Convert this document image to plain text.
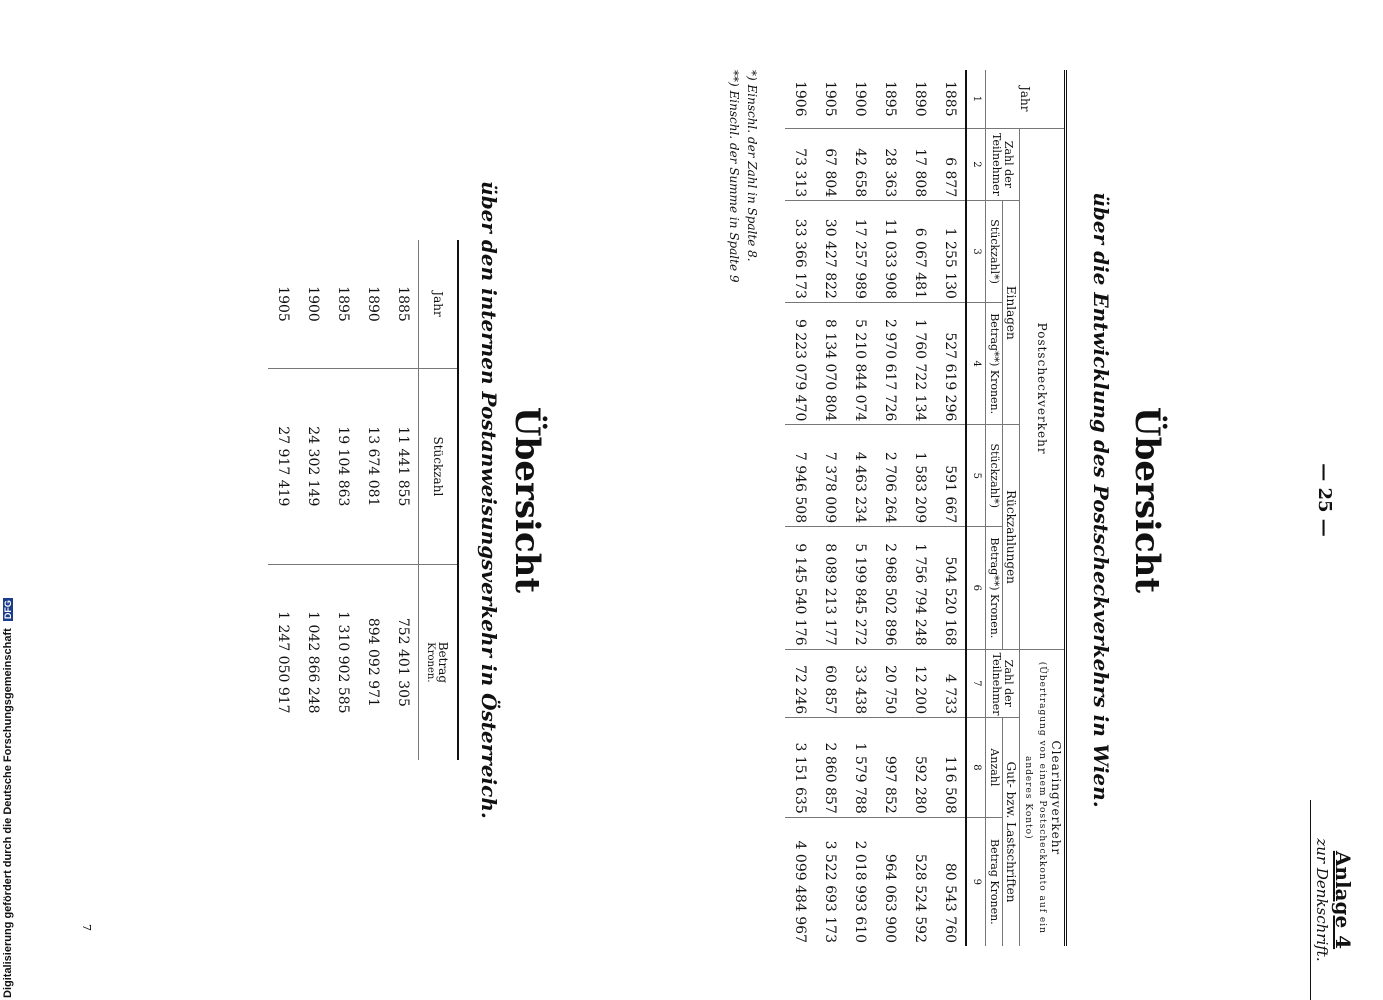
— 25 —
Anlage 4
zur Denkschrift.
Übersicht
über die Entwicklung des Postscheckverkehrs in Wien.
Jahr	Postscheckverkehr					Clearingverkehr
(Übertragung von einem Postscheckkonto auf ein anderes Konto)		
	Zahl der Teilnehmer	Einlagen		Rückzahlungen		Zahl der Teilnehmer	Gut- bzw. Lastschriften	
		Stückzahl*)	Betrag**) Kronen.	Stückzahl*)	Betrag**) Kronen.		Anzahl	Betrag Kronen.
1	2	3	4	5	6	7	8	9
1885	6 877	1 255 130	527 619 296	591 667	504 520 168	4 733	116 508	80 543 760
1890	17 808	6 067 481	1 760 722 134	1 583 209	1 756 794 248	12 200	592 280	528 524 592
1895	28 363	11 033 908	2 970 617 726	2 706 264	2 968 502 896	20 750	997 852	964 063 900
1900	42 658	17 257 989	5 210 844 074	4 463 234	5 199 845 272	33 438	1 579 788	2 018 993 610
1905	67 804	30 427 822	8 134 070 804	7 378 009	8 089 213 177	60 857	2 860 857	3 522 693 173
1906	73 313	33 366 173	9 223 079 470	7 946 508	9 145 540 176	72 246	3 151 635	4 099 484 967
*) Einschl. der Zahl in Spalte 8.
**) Einschl. der Summe in Spalte 9
Übersicht
über den internen Postanweisungsverkehr in Österreich.
Jahr	Stückzahl	Betrag
Kronen.

1885	11 441 855	752 401 305
1890	13 674 081	894 092 971
1895	19 104 863	1 310 902 585
1900	24 302 149	1 042 866 248
1905	27 917 419	1 247 050 917
7
Digitalisierung gefördert durch die Deutsche Forschungsgemeinschaft DFG
